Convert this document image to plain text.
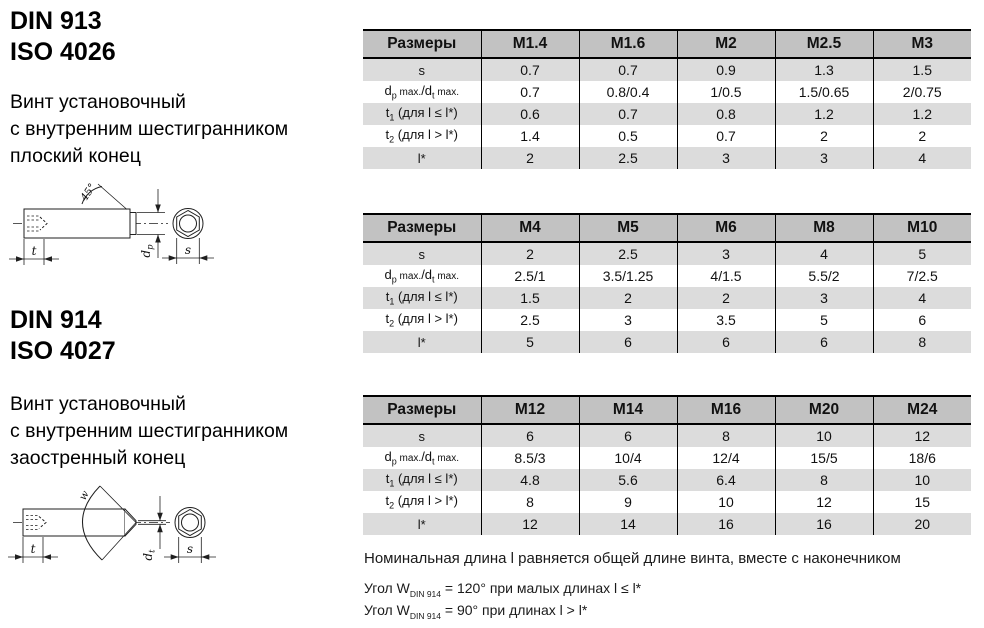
DIN 913
ISO 4026
Винт установочный
с внутренним шестигранником
плоский конец
45°
t	$d_p$ s
DIN 914
ISO 4027
Винт установочный
с внутренним шестигранником
заостренный конец
w
$d_t$
t	s
Размеры	M1.4	M1.6	M2	M2.5	M3
s	0.7	0.7	0.9	1.3	1.5
$d_p$ $\max./d_t$ max.	0.7	0.8/0.4	1/0.5	1.5/0.65	2/0.75
$t_1$ (для l ≤ l*)	0.6	0.7	0.8	1.2	1.2
$t_2$ (для l > l*)	1.4	0.5	0.7	2	2
l*	2	2.5	3	3	4
Размеры	M4	M5	M6	M8	M10
s	2	2.5	3	4	5
$d_p$ $\max./d_t$ max.	2.5/1	3.5/1.25	4/1.5	5.5/2	7/2.5
$t_1$ (для l ≤ l*)	1.5	2	2	3	4
$t_2$ (для l > l*)	2.5	3	3.5	5	6
l*	5	6	6	6	8
Размеры	M12	M14	M16	M20	M24
s	6	6	8	10	12
$d_p$ $\max./d_t$ max.	8.5/3	10/4	12/4	15/5	18/6
$t_1$ (для l ≤ l*)	4.8	5.6	6.4	8	10
$t_2$ (для l > l*)	8	9	10	12	15
l*	12	14	16	16	20
Номинальная длина l равняется общей длине винта, вместе с наконечником
Угол $W_{DIN 914} = 120^\circ$ при малых длинах l ≤ l*
Угол $W_{DIN 914} = 90^\circ$ при длинах l > l*
